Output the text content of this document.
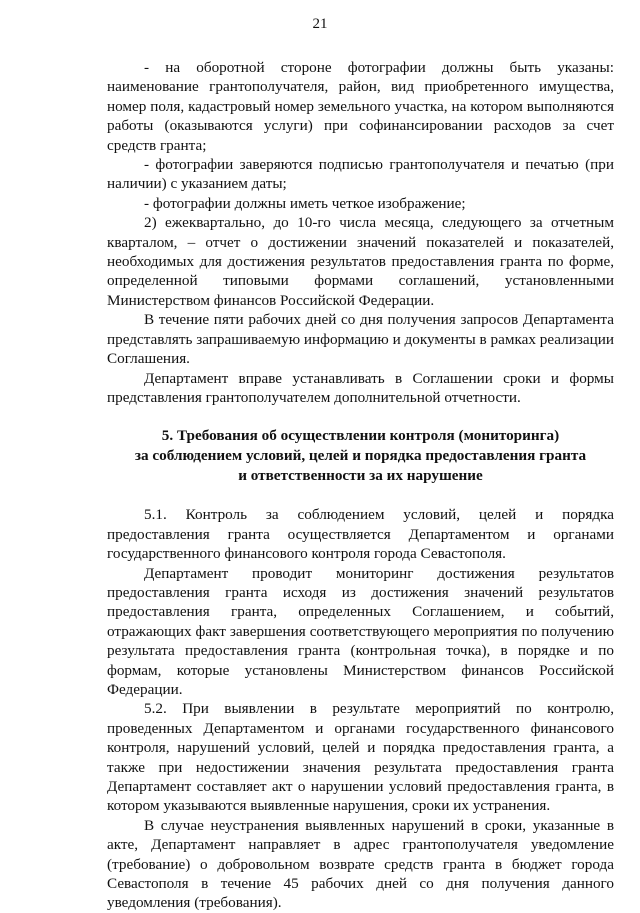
21

- на оборотной стороне фотографии должны быть указаны: наименование грантополучателя, район, вид приобретенного имущества, номер поля, кадастровый номер земельного участка, на котором выполняются работы (оказываются услуги) при софинансировании расходов за счет средств гранта;

- фотографии заверяются подписью грантополучателя и печатью (при наличии) с указанием даты;

- фотографии должны иметь четкое изображение;

2) ежеквартально, до 10-го числа месяца, следующего за отчетным кварталом, – отчет о достижении значений показателей и показателей, необходимых для достижения результатов предоставления гранта по форме, определенной типовыми формами соглашений, установленными Министерством финансов Российской Федерации.

В течение пяти рабочих дней со дня получения запросов Департамента представлять запрашиваемую информацию и документы в рамках реализации Соглашения.

Департамент вправе устанавливать в Соглашении сроки и формы представления грантополучателем дополнительной отчетности.

5. Требования об осуществлении контроля (мониторинга)
за соблюдением условий, целей и порядка предоставления гранта
и ответственности за их нарушение

5.1. Контроль за соблюдением условий, целей и порядка предоставления гранта осуществляется Департаментом и органами государственного финансового контроля города Севастополя.

Департамент проводит мониторинг достижения результатов предоставления гранта исходя из достижения значений результатов предоставления гранта, определенных Соглашением, и событий, отражающих факт завершения соответствующего мероприятия по получению результата предоставления гранта (контрольная точка), в порядке и по формам, которые установлены Министерством финансов Российской Федерации.

5.2. При выявлении в результате мероприятий по контролю, проведенных Департаментом и органами государственного финансового контроля, нарушений условий, целей и порядка предоставления гранта, а также при недостижении значения результата предоставления гранта Департамент составляет акт о нарушении условий предоставления гранта, в котором указываются выявленные нарушения, сроки их устранения.

В случае неустранения выявленных нарушений в сроки, указанные в акте, Департамент направляет в адрес грантополучателя уведомление (требование) о добровольном возврате средств гранта в бюджет города Севастополя в течение 45 рабочих дней со дня получения данного уведомления (требования).
